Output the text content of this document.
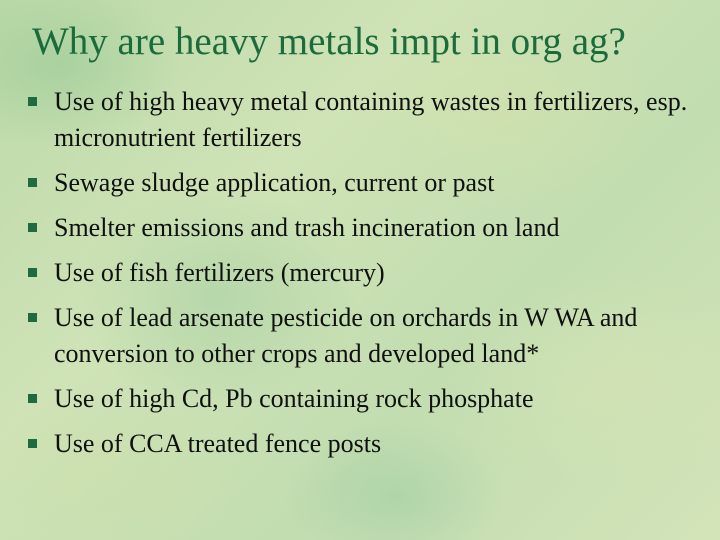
Why are heavy metals impt in org ag?
Use of high heavy metal containing wastes in fertilizers, esp. micronutrient fertilizers
Sewage sludge application, current or past
Smelter emissions and trash incineration on land
Use of fish fertilizers (mercury)
Use of lead arsenate pesticide on orchards in W WA and conversion to other crops and developed land*
Use of high Cd, Pb containing rock phosphate
Use of CCA treated fence posts
